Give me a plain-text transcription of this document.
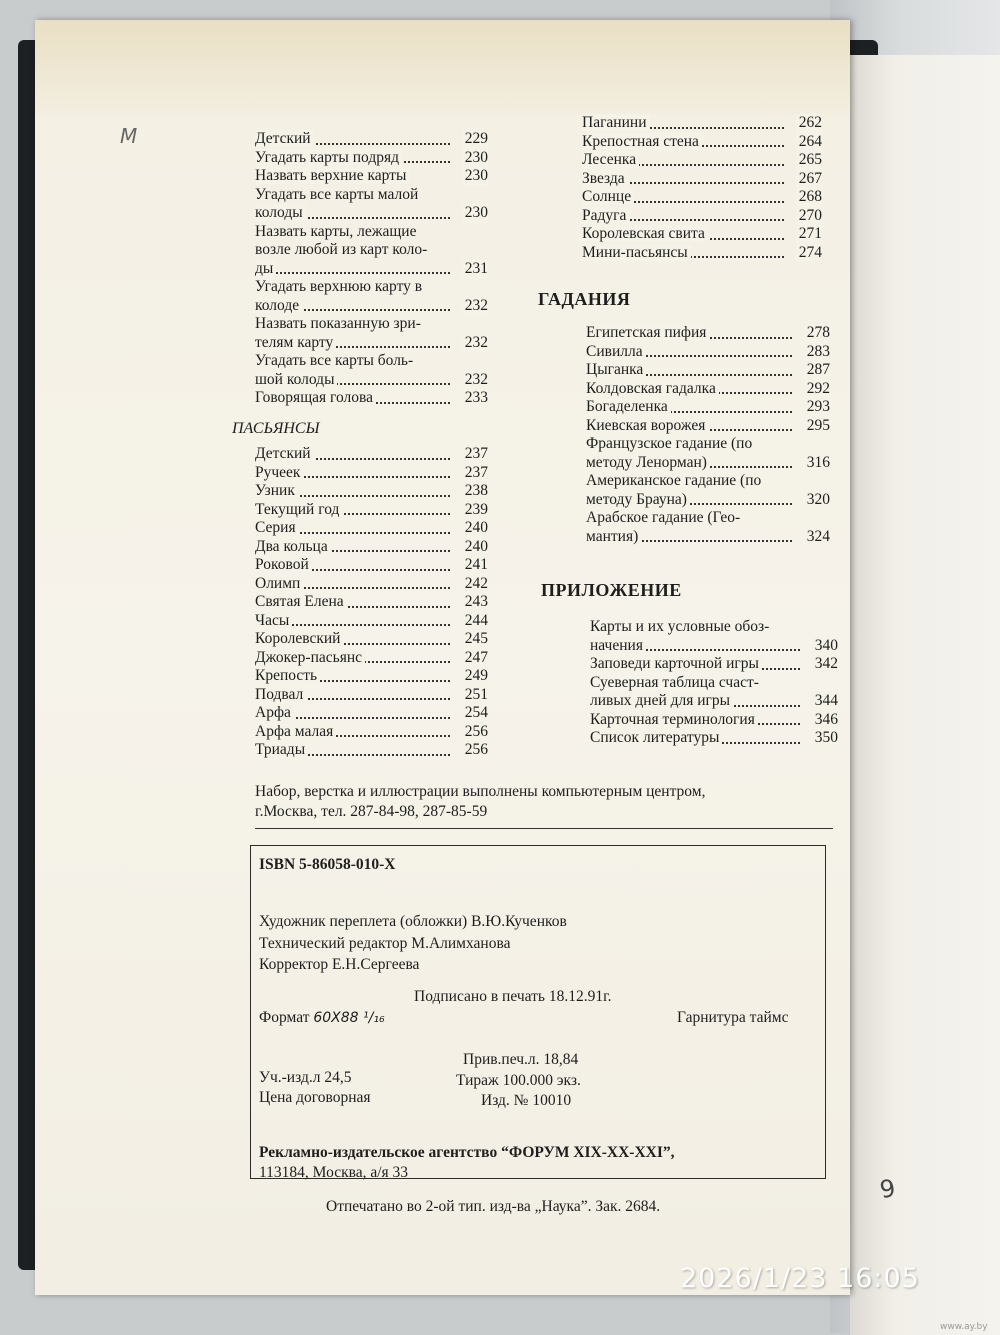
M
9
Детский	229
Угадать карты подряд	230
Назвать верхние карты	230
Угадать все карты малой
колоды	230
Назвать карты, лежащие
возле любой из карт коло-
ды	231
Угадать верхнюю карту в
колоде	232
Назвать показанную зри-
телям карту	232
Угадать все карты боль-
шой колоды	232
Говорящая голова	233
Детский	237
Ручеек	237
Узник	238
Текущий год	239
Серия	240
Два кольца	240
Роковой	241
Олимп	242
Святая Елена	243
Часы	244
Королевский	245
Джокер-пасьянс	247
Крепость	249
Подвал	251
Арфа	254
Арфа малая	256
Триады	256
ПАСЬЯНСЫ
Паганини	262
Крепостная стена	264
Лесенка	265
Звезда	267
Солнце	268
Радуга	270
Королевская свита	271
Мини-пасьянсы	274
ГАДАНИЯ
Египетская пифия	278
Сивилла	283
Цыганка	287
Колдовская гадалка	292
Богаделенка	293
Киевская ворожея	295
Французское гадание (по
методу Ленорман)	316
Американское гадание (по
методу Брауна)	320
Арабское гадание (Гео-
мантия)	324
ПРИЛОЖЕНИЕ
Карты и их условные обоз-
начения	340
Заповеди карточной игры	342
Суеверная таблица счаст-
ливых дней для игры	344
Карточная терминология	346
Список литературы	350
Набор, верстка и иллюстрации выполнены компьютерным центром,
г.Москва, тел. 287-84-98, 287-85-59
ISBN 5-86058-010-X
Художник переплета (обложки) В.Ю.Кученков
Технический редактор М.Алимханова
Корректор Е.Н.Сергеева
Подписано в печать 18.12.91г.
Формат 60X88 ¹/₁₆	Гарнитура таймс
Прив.печ.л. 18,84
Уч.-изд.л 24,5	Тираж 100.000 экз.
Цена договорная	Изд. № 10010
Рекламно-издательское агентство “ФОРУМ XIX-XX-XXI”,
113184, Москва, а/я 33
Отпечатано во 2-ой тип. изд-ва „Наука”. Зак. 2684.
2026/1/23 16:05
www.ay.by
